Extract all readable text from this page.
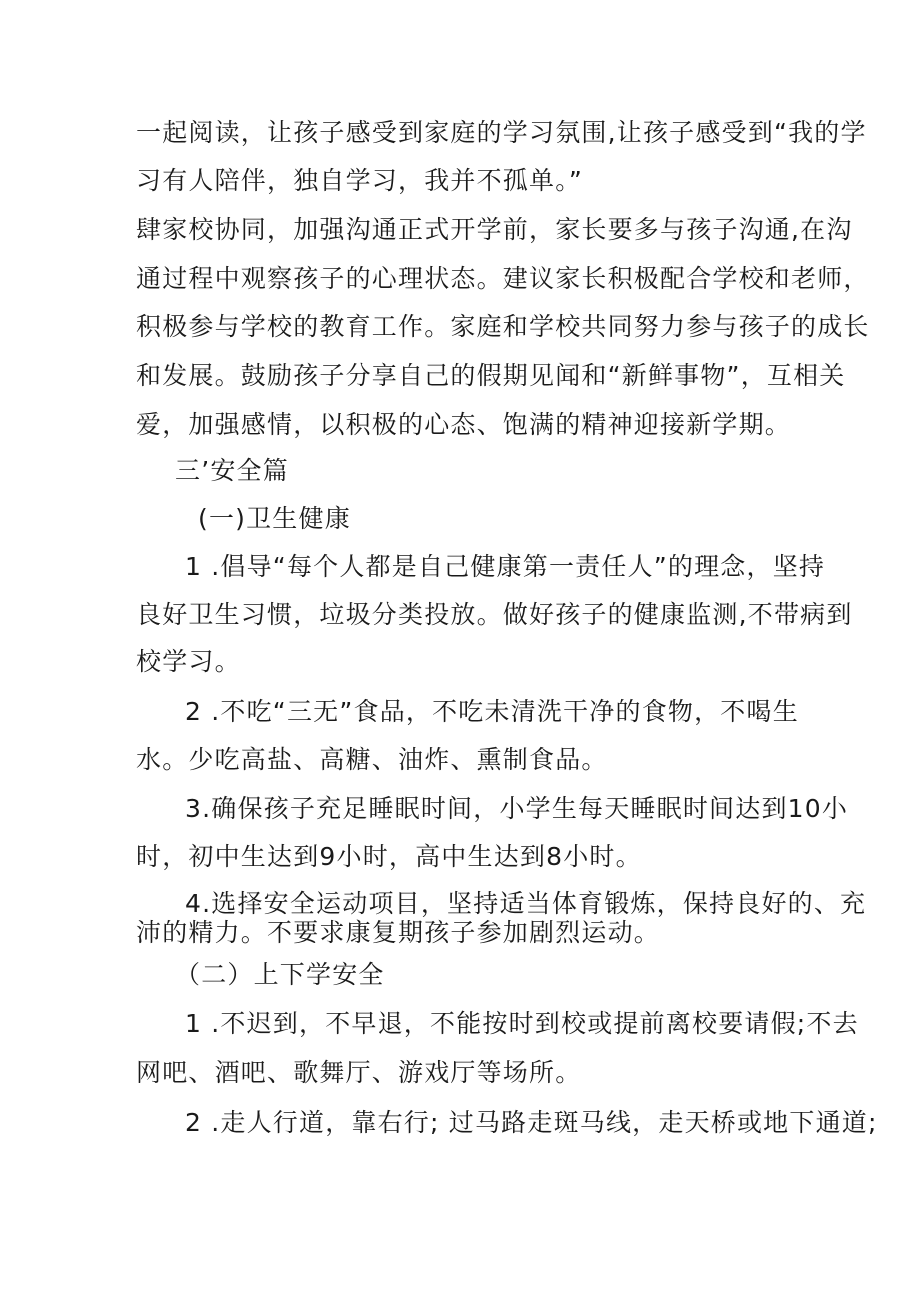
一起阅读，让孩子感受到家庭的学习氛围,让孩子感受到“我的学
习有人陪伴，独自学习，我并不孤单。”
肆家校协同，加强沟通正式开学前，家长要多与孩子沟通,在沟
通过程中观察孩子的心理状态。建议家长积极配合学校和老师，
积极参与学校的教育工作。家庭和学校共同努力参与孩子的成长
和发展。鼓励孩子分享自己的假期见闻和“新鲜事物”，互相关
爱，加强感情，以积极的心态、饱满的精神迎接新学期。
三’安全篇
(一)卫生健康
1 .倡导“每个人都是自己健康第一责任人”的理念，坚持
良好卫生习惯，垃圾分类投放。做好孩子的健康监测,不带病到
校学习。
2 .不吃“三无”食品，不吃未清洗干净的食物，不喝生
水。少吃高盐、高糖、油炸、熏制食品。
3.确保孩子充足睡眠时间，小学生每天睡眠时间达到10小
时，初中生达到9小时，高中生达到8小时。
4.选择安全运动项目，坚持适当体育锻炼，保持良好的、充
沛的精力。不要求康复期孩子参加剧烈运动。
（二）上下学安全
1 .不迟到，不早退，不能按时到校或提前离校要请假;不去
网吧、酒吧、歌舞厅、游戏厅等场所。
2 .走人行道，靠右行; 过马路走斑马线，走天桥或地下通道;
